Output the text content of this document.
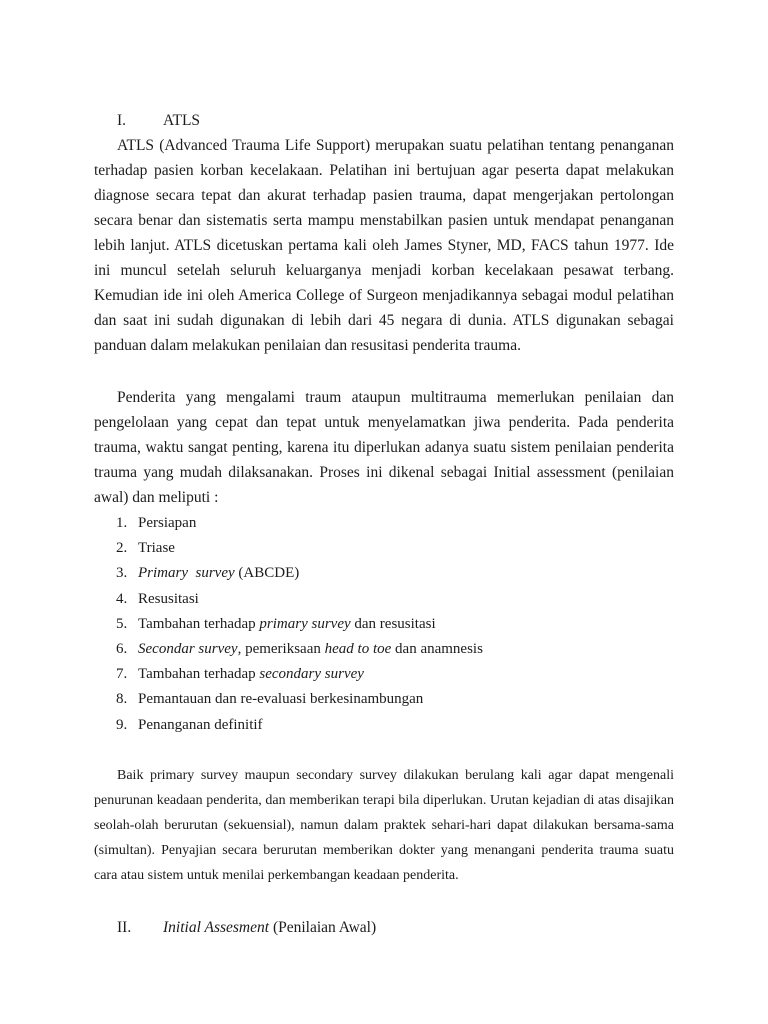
I. ATLS

ATLS (Advanced Trauma Life Support) merupakan suatu pelatihan tentang penanganan terhadap pasien korban kecelakaan. Pelatihan ini bertujuan agar peserta dapat melakukan diagnose secara tepat dan akurat terhadap pasien trauma, dapat mengerjakan pertolongan secara benar dan sistematis serta mampu menstabilkan pasien untuk mendapat penanganan lebih lanjut. ATLS dicetuskan pertama kali oleh James Styner, MD, FACS tahun 1977. Ide ini muncul setelah seluruh keluarganya menjadi korban kecelakaan pesawat terbang. Kemudian ide ini oleh America College of Surgeon menjadikannya sebagai modul pelatihan dan saat ini sudah digunakan di lebih dari 45 negara di dunia. ATLS digunakan sebagai panduan dalam melakukan penilaian dan resusitasi penderita trauma.

Penderita yang mengalami traum ataupun multitrauma memerlukan penilaian dan pengelolaan yang cepat dan tepat untuk menyelamatkan jiwa penderita. Pada penderita trauma, waktu sangat penting, karena itu diperlukan adanya suatu sistem penilaian penderita trauma yang mudah dilaksanakan. Proses ini dikenal sebagai Initial assessment (penilaian awal) dan meliputi :

1. Persiapan
2. Triase
3. Primary  survey (ABCDE)
4. Resusitasi
5. Tambahan terhadap primary survey dan resusitasi
6. Secondar survey, pemeriksaan head to toe dan anamnesis
7. Tambahan terhadap secondary survey
8. Pemantauan dan re-evaluasi berkesinambungan
9. Penanganan definitif

Baik primary survey maupun secondary survey dilakukan berulang kali agar dapat mengenali penurunan keadaan penderita, dan memberikan terapi bila diperlukan. Urutan kejadian di atas disajikan seolah-olah berurutan (sekuensial), namun dalam praktek sehari-hari dapat dilakukan bersama-sama (simultan). Penyajian secara berurutan memberikan dokter yang menangani penderita trauma suatu cara atau sistem untuk menilai perkembangan keadaan penderita.

II. Initial Assesment (Penilaian Awal)
